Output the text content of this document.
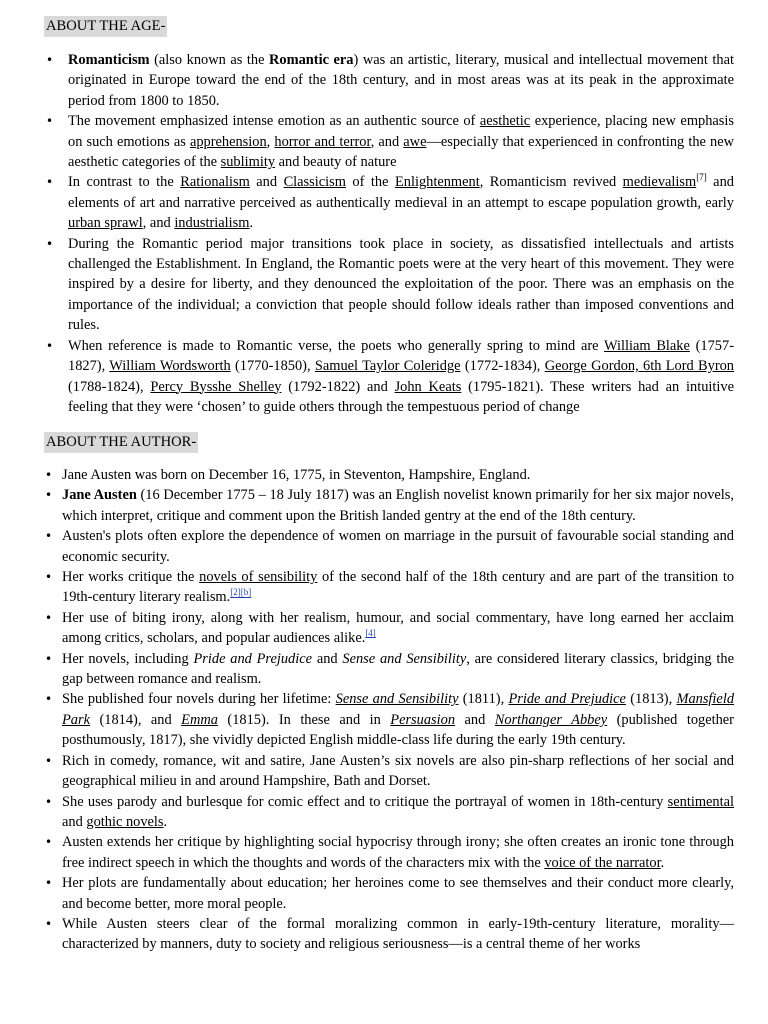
ABOUT THE AGE-
• Romanticism (also known as the Romantic era) was an artistic, literary, musical and intellectual movement that originated in Europe toward the end of the 18th century, and in most areas was at its peak in the approximate period from 1800 to 1850.
• The movement emphasized intense emotion as an authentic source of aesthetic experience, placing new emphasis on such emotions as apprehension, horror and terror, and awe—especially that experienced in confronting the new aesthetic categories of the sublimity and beauty of nature
• In contrast to the Rationalism and Classicism of the Enlightenment, Romanticism revived medievalism[7] and elements of art and narrative perceived as authentically medieval in an attempt to escape population growth, early urban sprawl, and industrialism.
• During the Romantic period major transitions took place in society, as dissatisfied intellectuals and artists challenged the Establishment. In England, the Romantic poets were at the very heart of this movement. They were inspired by a desire for liberty, and they denounced the exploitation of the poor. There was an emphasis on the importance of the individual; a conviction that people should follow ideals rather than imposed conventions and rules.
• When reference is made to Romantic verse, the poets who generally spring to mind are William Blake (1757-1827), William Wordsworth (1770-1850), Samuel Taylor Coleridge (1772-1834), George Gordon, 6th Lord Byron (1788-1824), Percy Bysshe Shelley (1792-1822) and John Keats (1795-1821). These writers had an intuitive feeling that they were ‘chosen’ to guide others through the tempestuous period of change
ABOUT THE AUTHOR-
• Jane Austen was born on December 16, 1775, in Steventon, Hampshire, England.
• Jane Austen (16 December 1775 – 18 July 1817) was an English novelist known primarily for her six major novels, which interpret, critique and comment upon the British landed gentry at the end of the 18th century.
• Austen's plots often explore the dependence of women on marriage in the pursuit of favourable social standing and economic security.
• Her works critique the novels of sensibility of the second half of the 18th century and are part of the transition to 19th-century literary realism.[2][b]
• Her use of biting irony, along with her realism, humour, and social commentary, have long earned her acclaim among critics, scholars, and popular audiences alike.[4]
• Her novels, including Pride and Prejudice and Sense and Sensibility, are considered literary classics, bridging the gap between romance and realism.
• She published four novels during her lifetime: Sense and Sensibility (1811), Pride and Prejudice (1813), Mansfield Park (1814), and Emma (1815). In these and in Persuasion and Northanger Abbey (published together posthumously, 1817), she vividly depicted English middle-class life during the early 19th century.
• Rich in comedy, romance, wit and satire, Jane Austen’s six novels are also pin-sharp reflections of her social and geographical milieu in and around Hampshire, Bath and Dorset.
• She uses parody and burlesque for comic effect and to critique the portrayal of women in 18th-century sentimental and gothic novels.
• Austen extends her critique by highlighting social hypocrisy through irony; she often creates an ironic tone through free indirect speech in which the thoughts and words of the characters mix with the voice of the narrator.
• Her plots are fundamentally about education; her heroines come to see themselves and their conduct more clearly, and become better, more moral people.
• While Austen steers clear of the formal moralizing common in early-19th-century literature, morality—characterized by manners, duty to society and religious seriousness—is a central theme of her works
